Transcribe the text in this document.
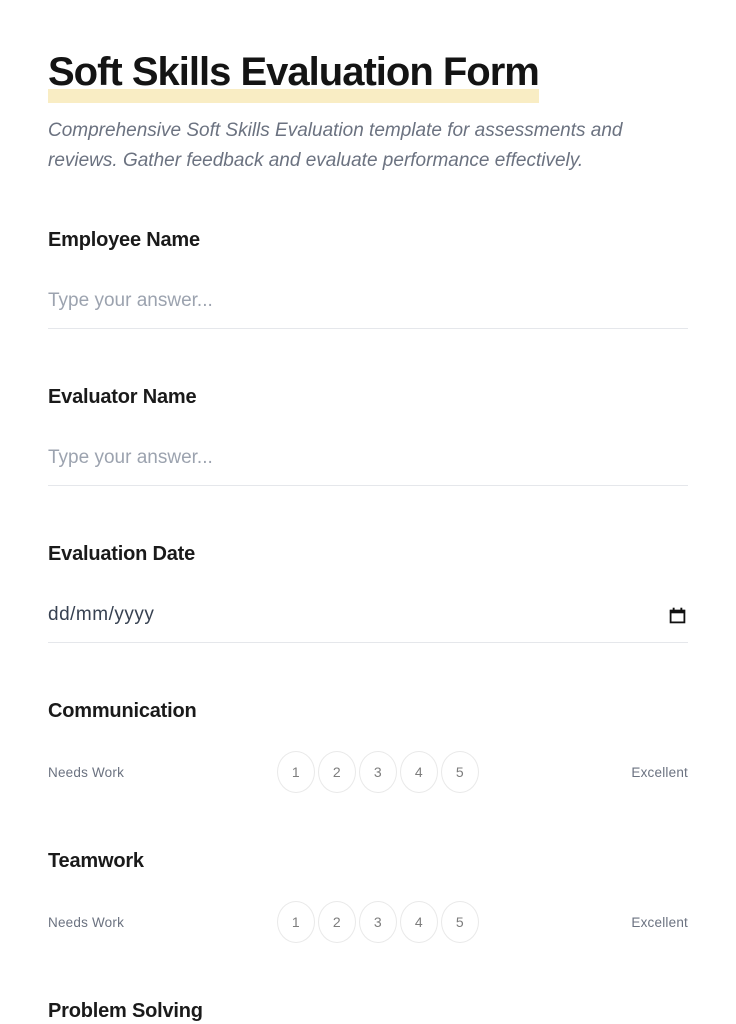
Soft Skills Evaluation Form

Comprehensive Soft Skills Evaluation template for assessments and reviews. Gather feedback and evaluate performance effectively.

Employee Name
Type your answer...
Evaluator Name
Type your answer...
Evaluation Date
dd/mm/yyyy
Communication
Needs Work	1	2	3	4	5	Excellent
Teamwork
Needs Work	1	2	3	4	5	Excellent
Problem Solving
